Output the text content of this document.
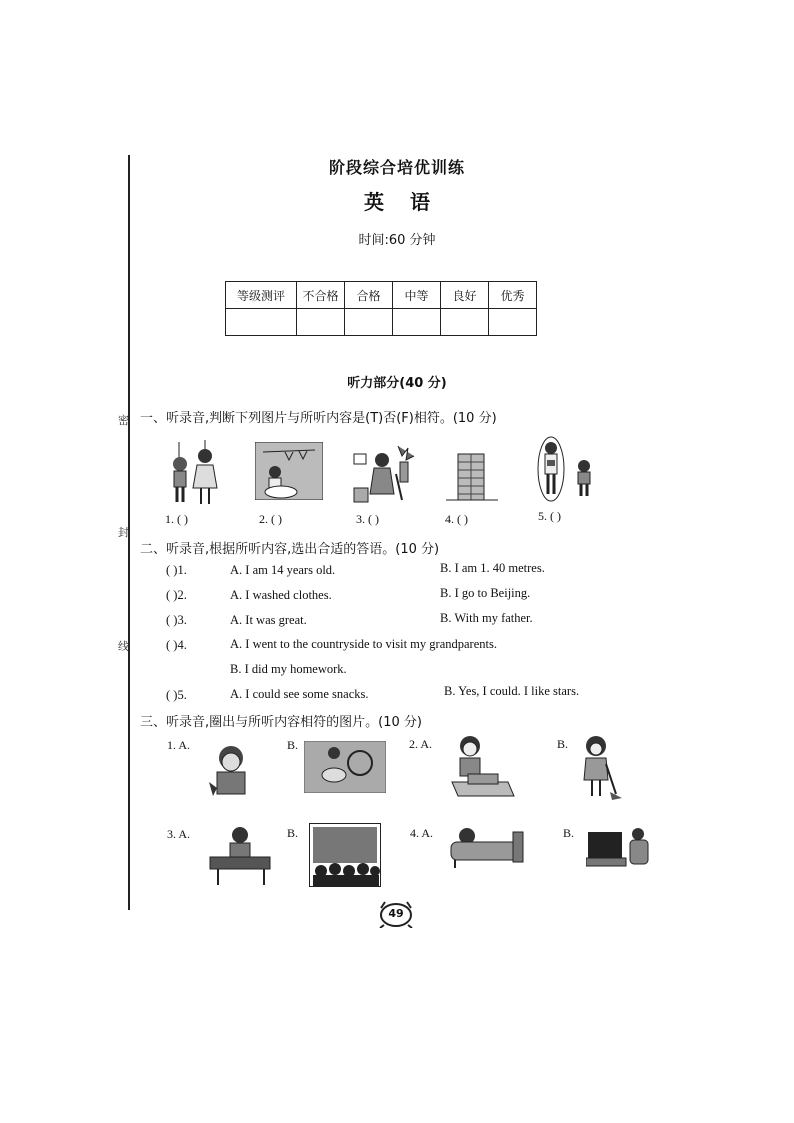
密
封
线
阶段综合培优训练
英语
时间:60 分钟
等级测评	不合格	合格	中等	良好	优秀

听力部分(40 分)
一、听录音,判断下列图片与所听内容是(T)否(F)相符。(10 分)
1. ( )	2. ( )	3. ( )	4. ( )	5. ( )
二、听录音,根据所听内容,选出合适的答语。(10 分)
( )1.	A. I am 14 years old.	B. I am 1. 40 metres.
( )2.	A. I washed clothes.	B. I go to Beijing.
( )3.	A. It was great.	B. With my father.
( )4.	A. I went to the countryside to visit my grandparents.
B. I did my homework.
( )5.	A. I could see some snacks.	B. Yes, I could. I like stars.
三、听录音,圈出与所听内容相符的图片。(10 分)
1. A.	B.	2. A.	B.
3. A.	B.	4. A.	B.
49
